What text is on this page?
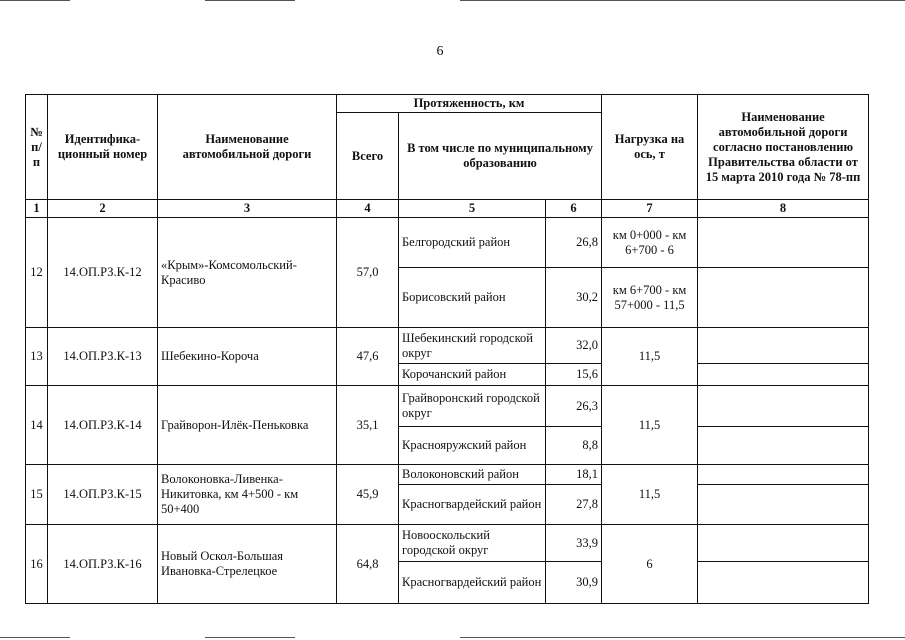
6
№ п/п	Идентифика-ционный номер	Наименование автомобильной дороги	Протяженность, км			Нагрузка на ось, т	Наименование автомобильной дороги согласно постановлению Правительства области от 15 марта 2010 года № 78-пп
			Всего	В том числе по муниципальному образованию			
1	2	3	4	5	6	7	8
12	14.ОП.РЗ.К-12	«Крым»-Комсомольский-Красиво	57,0	Белгородский район	26,8	км 0+000 - км 6+700 - 6	
				Борисовский район	30,2	км 6+700 - км 57+000 - 11,5	
13	14.ОП.РЗ.К-13	Шебекино-Короча	47,6	Шебекинский городской округ	32,0	11,5	
				Корочанский район	15,6		
14	14.ОП.РЗ.К-14	Грайворон-Илёк-Пеньковка	35,1	Грайворонский городской округ	26,3	11,5	
				Краснояружский район	8,8		
15	14.ОП.РЗ.К-15	Волоконовка-Ливенка-Никитовка, км 4+500 - км 50+400	45,9	Волоконовский район	18,1	11,5	
				Красногвардейский район	27,8		
16	14.ОП.РЗ.К-16	Новый Оскол-Большая Ивановка-Стрелецкое	64,8	Новооскольский городской округ	33,9	6	
				Красногвардейский район	30,9		
